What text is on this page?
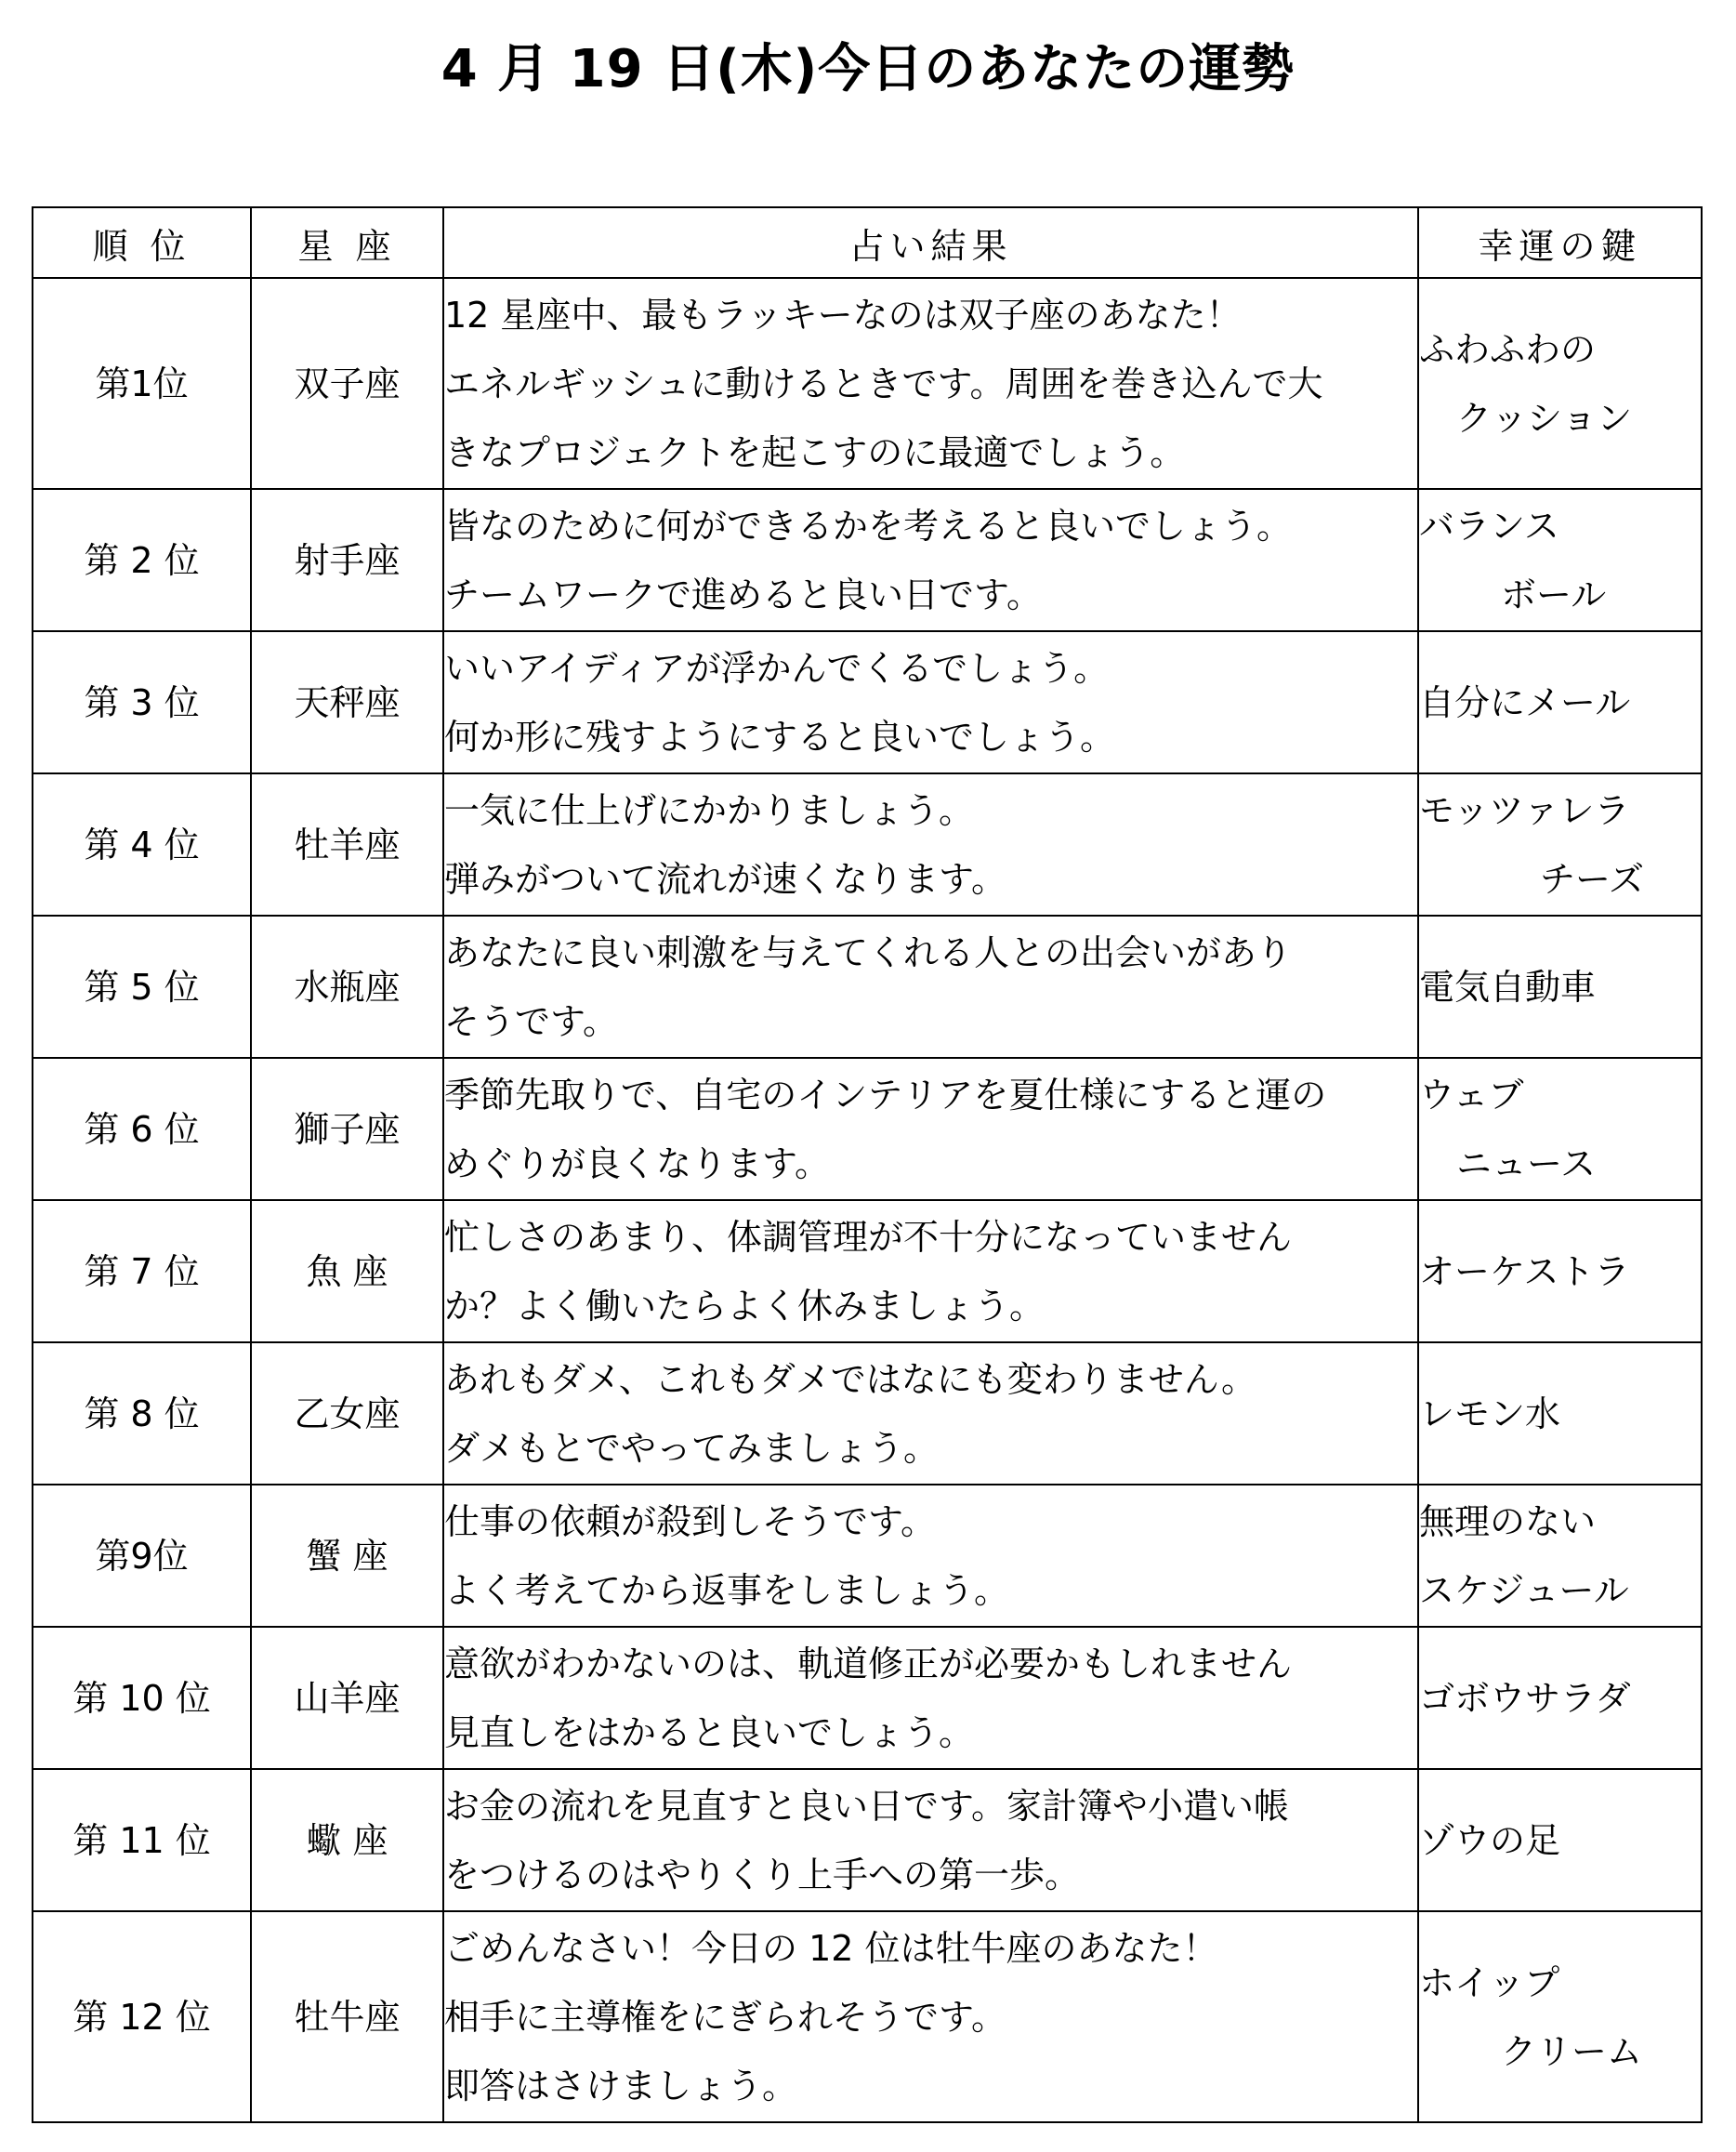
4 月 19 日(木)今日のあなたの運勢
順 位	星 座	占い結果	幸運の鍵
第1位	双子座	12 星座中、最もラッキーなのは双子座のあなた！
エネルギッシュに動けるときです。周囲を巻き込んで大
きなプロジェクトを起こすのに最適でしょう。	ふわふわの
クッション

第 2 位	射手座	皆なのために何ができるかを考えると良いでしょう。
チームワークで進めると良い日です。	バランス
ボール

第 3 位	天秤座	いいアイディアが浮かんでくるでしょう。
何か形に残すようにすると良いでしょう。	自分にメール

第 4 位	牡羊座	一気に仕上げにかかりましょう。
弾みがついて流れが速くなります。	モッツァレラ
チーズ

第 5 位	水瓶座	あなたに良い刺激を与えてくれる人との出会いがあり
そうです。	電気自動車

第 6 位	獅子座	季節先取りで、自宅のインテリアを夏仕様にすると運の
めぐりが良くなります。	ウェブ
ニュース

第 7 位	魚 座	忙しさのあまり、体調管理が不十分になっていません
か？よく働いたらよく休みましょう。	オーケストラ

第 8 位	乙女座	あれもダメ、これもダメではなにも変わりません。
ダメもとでやってみましょう。	レモン水

第9位	蟹 座	仕事の依頼が殺到しそうです。
よく考えてから返事をしましょう。	無理のない
スケジュール

第 10 位	山羊座	意欲がわかないのは、軌道修正が必要かもしれません
見直しをはかると良いでしょう。	ゴボウサラダ

第 11 位	蠍 座	お金の流れを見直すと良い日です。家計簿や小遣い帳
をつけるのはやりくり上手への第一歩。	ゾウの足

第 12 位	牡牛座	ごめんなさい！今日の 12 位は牡牛座のあなた！
相手に主導権をにぎられそうです。
即答はさけましょう。	ホイップ
クリーム
